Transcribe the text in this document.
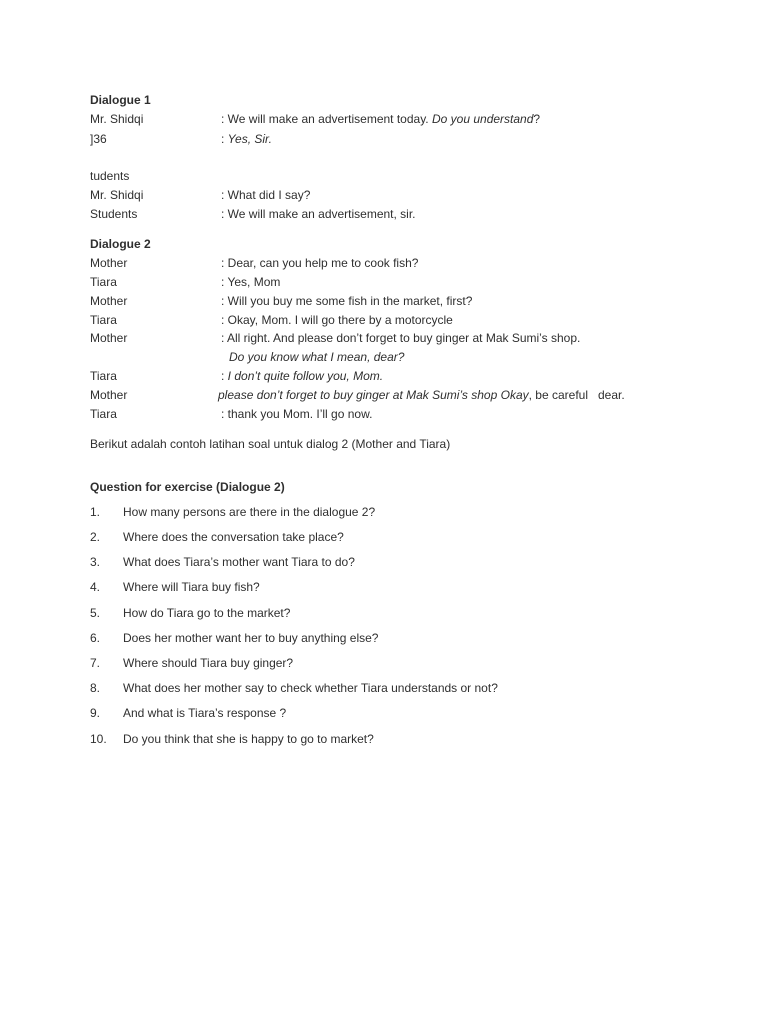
Dialogue 1
Mr. Shidqi	: We will make an advertisement today. Do you understand?
]36	: Yes, Sir.
tudents
Mr. Shidqi	: What did I say?
Students	: We will make an advertisement, sir.
Dialogue 2
Mother	: Dear, can you help me to cook fish?
Tiara	: Yes, Mom
Mother	: Will you buy me some fish in the market, first?
Tiara	: Okay, Mom. I will go there by a motorcycle
Mother	: All right. And please don’t forget to buy ginger at Mak Sumi’s shop.
Do you know what I mean, dear?
Tiara	: I don’t quite follow you, Mom.
Mother	please don’t forget to buy ginger at Mak Sumi’s shop Okay, be careful   dear.
Tiara	: thank you Mom. I’ll go now.
Berikut adalah contoh latihan soal untuk dialog 2 (Mother and Tiara)
Question for exercise (Dialogue 2)
1. How many persons are there in the dialogue 2?
2. Where does the conversation take place?
3. What does Tiara’s mother want Tiara to do?
4. Where will Tiara buy fish?
5. How do Tiara go to the market?
6. Does her mother want her to buy anything else?
7. Where should Tiara buy ginger?
8. What does her mother say to check whether Tiara understands or not?
9. And what is Tiara’s response ?
10. Do you think that she is happy to go to market?
